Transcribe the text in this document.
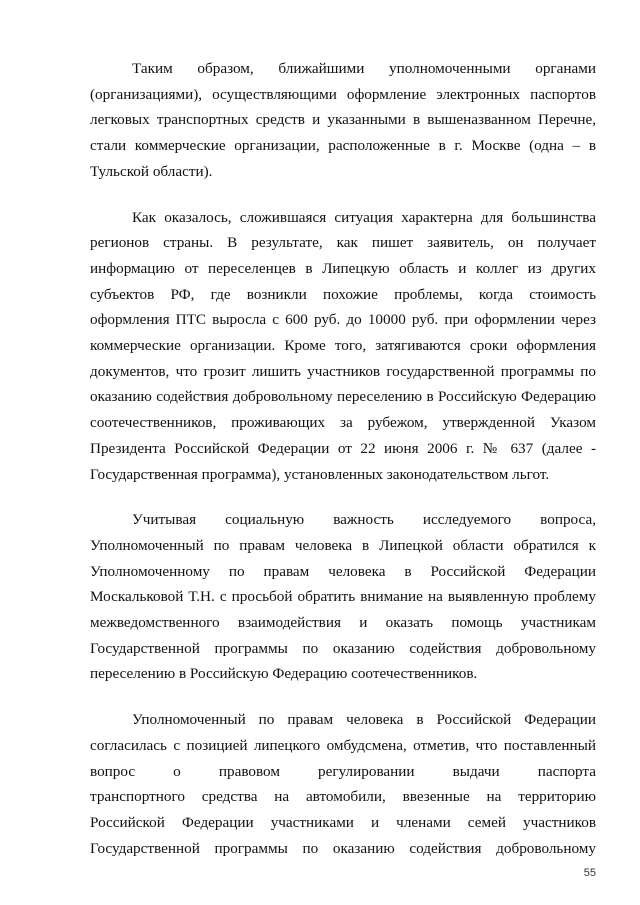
Таким образом, ближайшими уполномоченными органами
(организациями), осуществляющими оформление электронных паспортов
легковых транспортных средств и указанными в вышеназванном Перечне,
стали коммерческие организации, расположенные в г. Москве (одна – в
Тульской области).

Как оказалось, сложившаяся ситуация характерна для большинства
регионов страны. В результате, как пишет заявитель, он получает
информацию от переселенцев в Липецкую область и коллег из других
субъектов РФ, где возникли похожие проблемы, когда стоимость
оформления ПТС выросла с 600 руб. до 10000 руб. при оформлении через
коммерческие организации. Кроме того, затягиваются сроки оформления
документов, что грозит лишить участников государственной программы по
оказанию содействия добровольному переселению в Российскую Федерацию
соотечественников, проживающих за рубежом, утвержденной Указом
Президента Российской Федерации от 22 июня 2006 г. № 637 (далее -
Государственная программа), установленных законодательством льгот.

Учитывая социальную важность исследуемого вопроса,
Уполномоченный по правам человека в Липецкой области обратился к
Уполномоченному по правам человека в Российской Федерации
Москальковой Т.Н. с просьбой обратить внимание на выявленную проблему
межведомственного взаимодействия и оказать помощь участникам
Государственной программы по оказанию содействия добровольному
переселению в Российскую Федерацию соотечественников.

Уполномоченный по правам человека в Российской Федерации
согласилась с позицией липецкого омбудсмена, отметив, что поставленный
вопрос о правовом регулировании выдачи паспорта
транспортного средства на автомобили, ввезенные на территорию
Российской Федерации участниками и членами семей участников
Государственной программы по оказанию содействия добровольному

55
